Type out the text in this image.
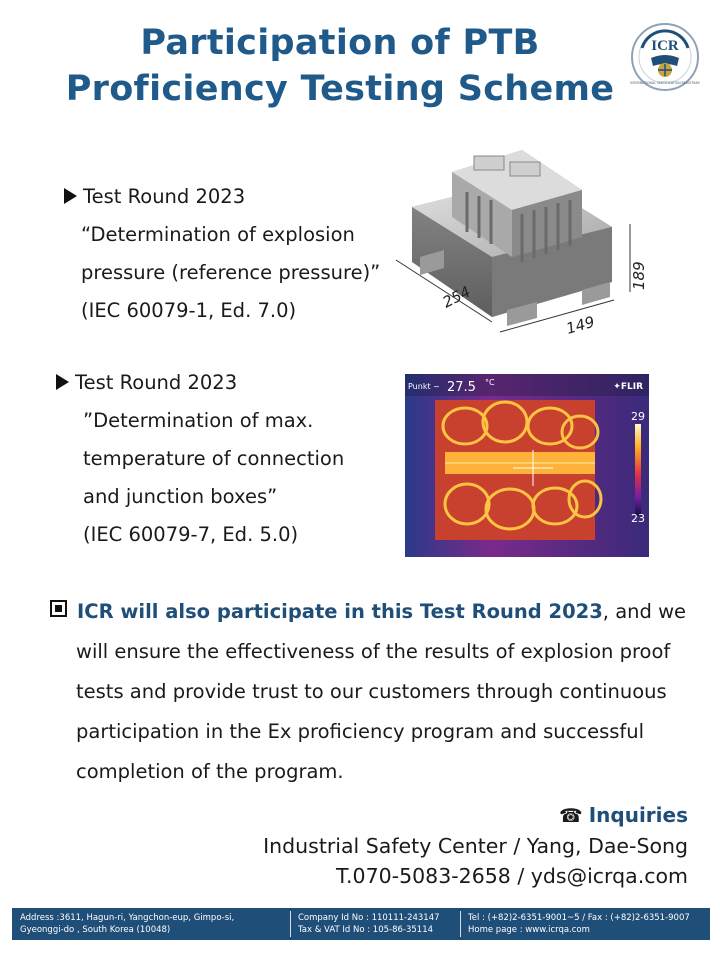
Participation of PTB
Proficiency Testing Scheme
ICR
INTERNATIONAL CERTIFICATION REGISTRAR
Test Round 2023
“Determination of explosion
pressure (reference pressure)”
(IEC 60079-1, Ed. 7.0)
Test Round 2023
”Determination of max.
temperature of connection
and junction boxes”
(IEC 60079-7, Ed. 5.0)
254
149
189
Punkt ~ 27.5 °C	✦FLIR
29
23
ICR will also participate in this Test Round 2023, and we
will ensure the effectiveness of the results of explosion proof
tests and provide trust to our customers through continuous
participation in the Ex proficiency program and successful
completion of the program.
☎ Inquiries
Industrial Safety Center / Yang, Dae-Song
T.070-5083-2658 / yds@icrqa.com
Address :3611, Hagun-ri, Yangchon-eup, Gimpo-si,
Gyeonggi-do , South Korea (10048)
Company Id No : 110111-243147
Tax & VAT Id No : 105-86-35114
Tel : (+82)2-6351-9001~5 / Fax : (+82)2-6351-9007
Home page : www.icrqa.com
